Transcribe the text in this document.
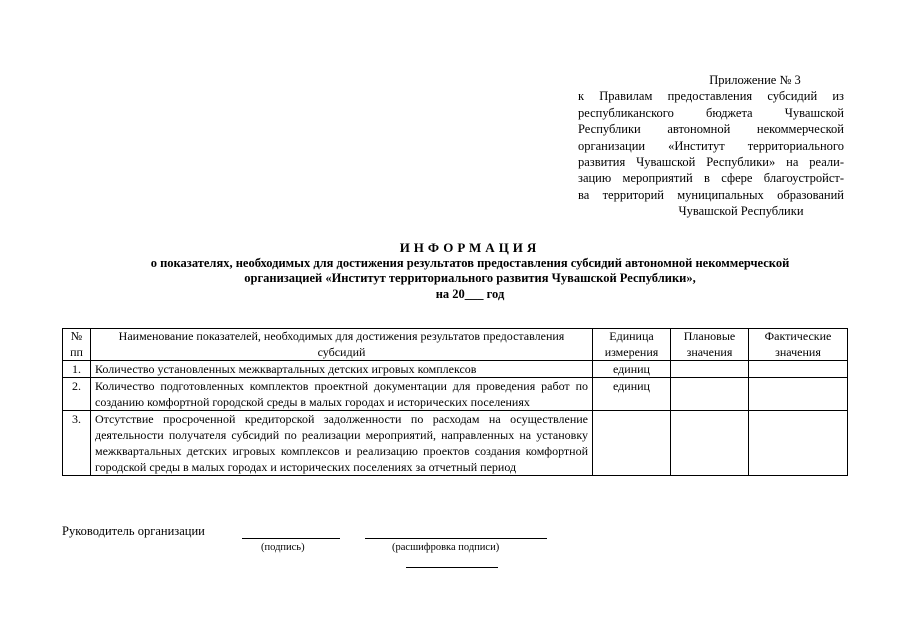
Приложение № 3

к Правилам предоставления субсидий из

республиканского бюджета Чувашской

Республики автономной некоммерческой

организации «Институт территориального

развития Чувашской Республики» на реали-

зацию мероприятий в сфере благоустройст-

ва территорий муниципальных образований

Чувашской Республики

ИНФОРМАЦИЯ

о показателях, необходимых для достижения результатов предоставления субсидий автономной некоммерческой

организацией «Институт территориального развития Чувашской Республики»,

на 20___ год

№ пп	Наименование показателей, необходимых для достижения результатов предоставления субсидий	Единица измерения	Плановые значения	Фактические значения
1.	Количество установленных межквартальных детских игровых комплексов	единиц		
2.	Количество подготовленных комплектов проектной документации для проведения работ по созданию комфортной городской среды в малых городах и исторических поселениях	единиц		
3.	Отсутствие просроченной кредиторской задолженности по расходам на осуществление деятельности получателя субсидий по реализации мероприятий, направленных на установку межквартальных детских игровых комплексов и реализацию проектов создания комфортной городской среды в малых городах и исторических поселениях за отчетный период			
Руководитель организации
(подпись)	(расшифровка подписи)
